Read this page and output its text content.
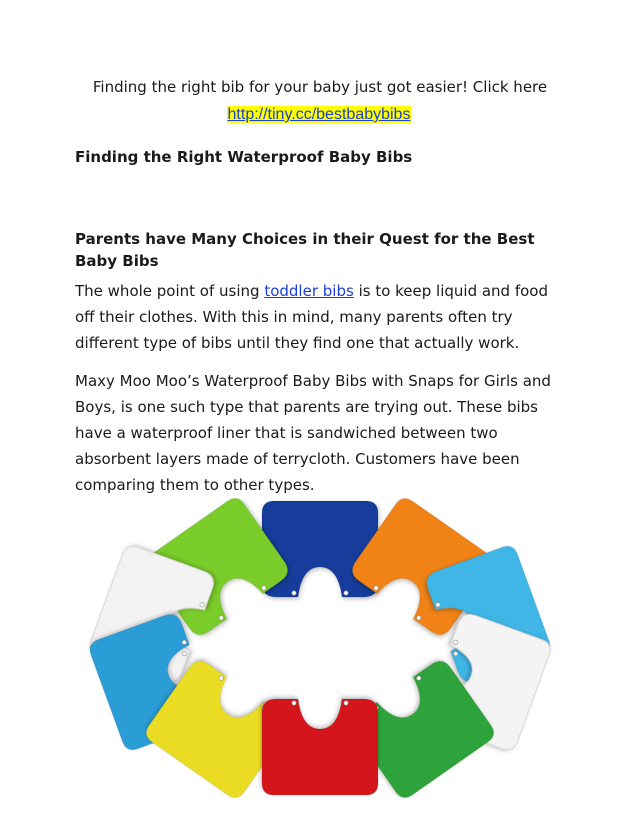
Finding the right bib for your baby just got easier! Click here
http://tiny.cc/bestbabybibs
Finding the Right Waterproof Baby Bibs
Parents have Many Choices in their Quest for the Best Baby Bibs
The whole point of using toddler bibs is to keep liquid and food off their clothes. With this in mind, many parents often try different type of bibs until they find one that actually work.
Maxy Moo Moo’s Waterproof Baby Bibs with Snaps for Girls and Boys, is one such type that parents are trying out. These bibs have a waterproof liner that is sandwiched between two absorbent layers made of terrycloth. Customers have been comparing them to other types.
